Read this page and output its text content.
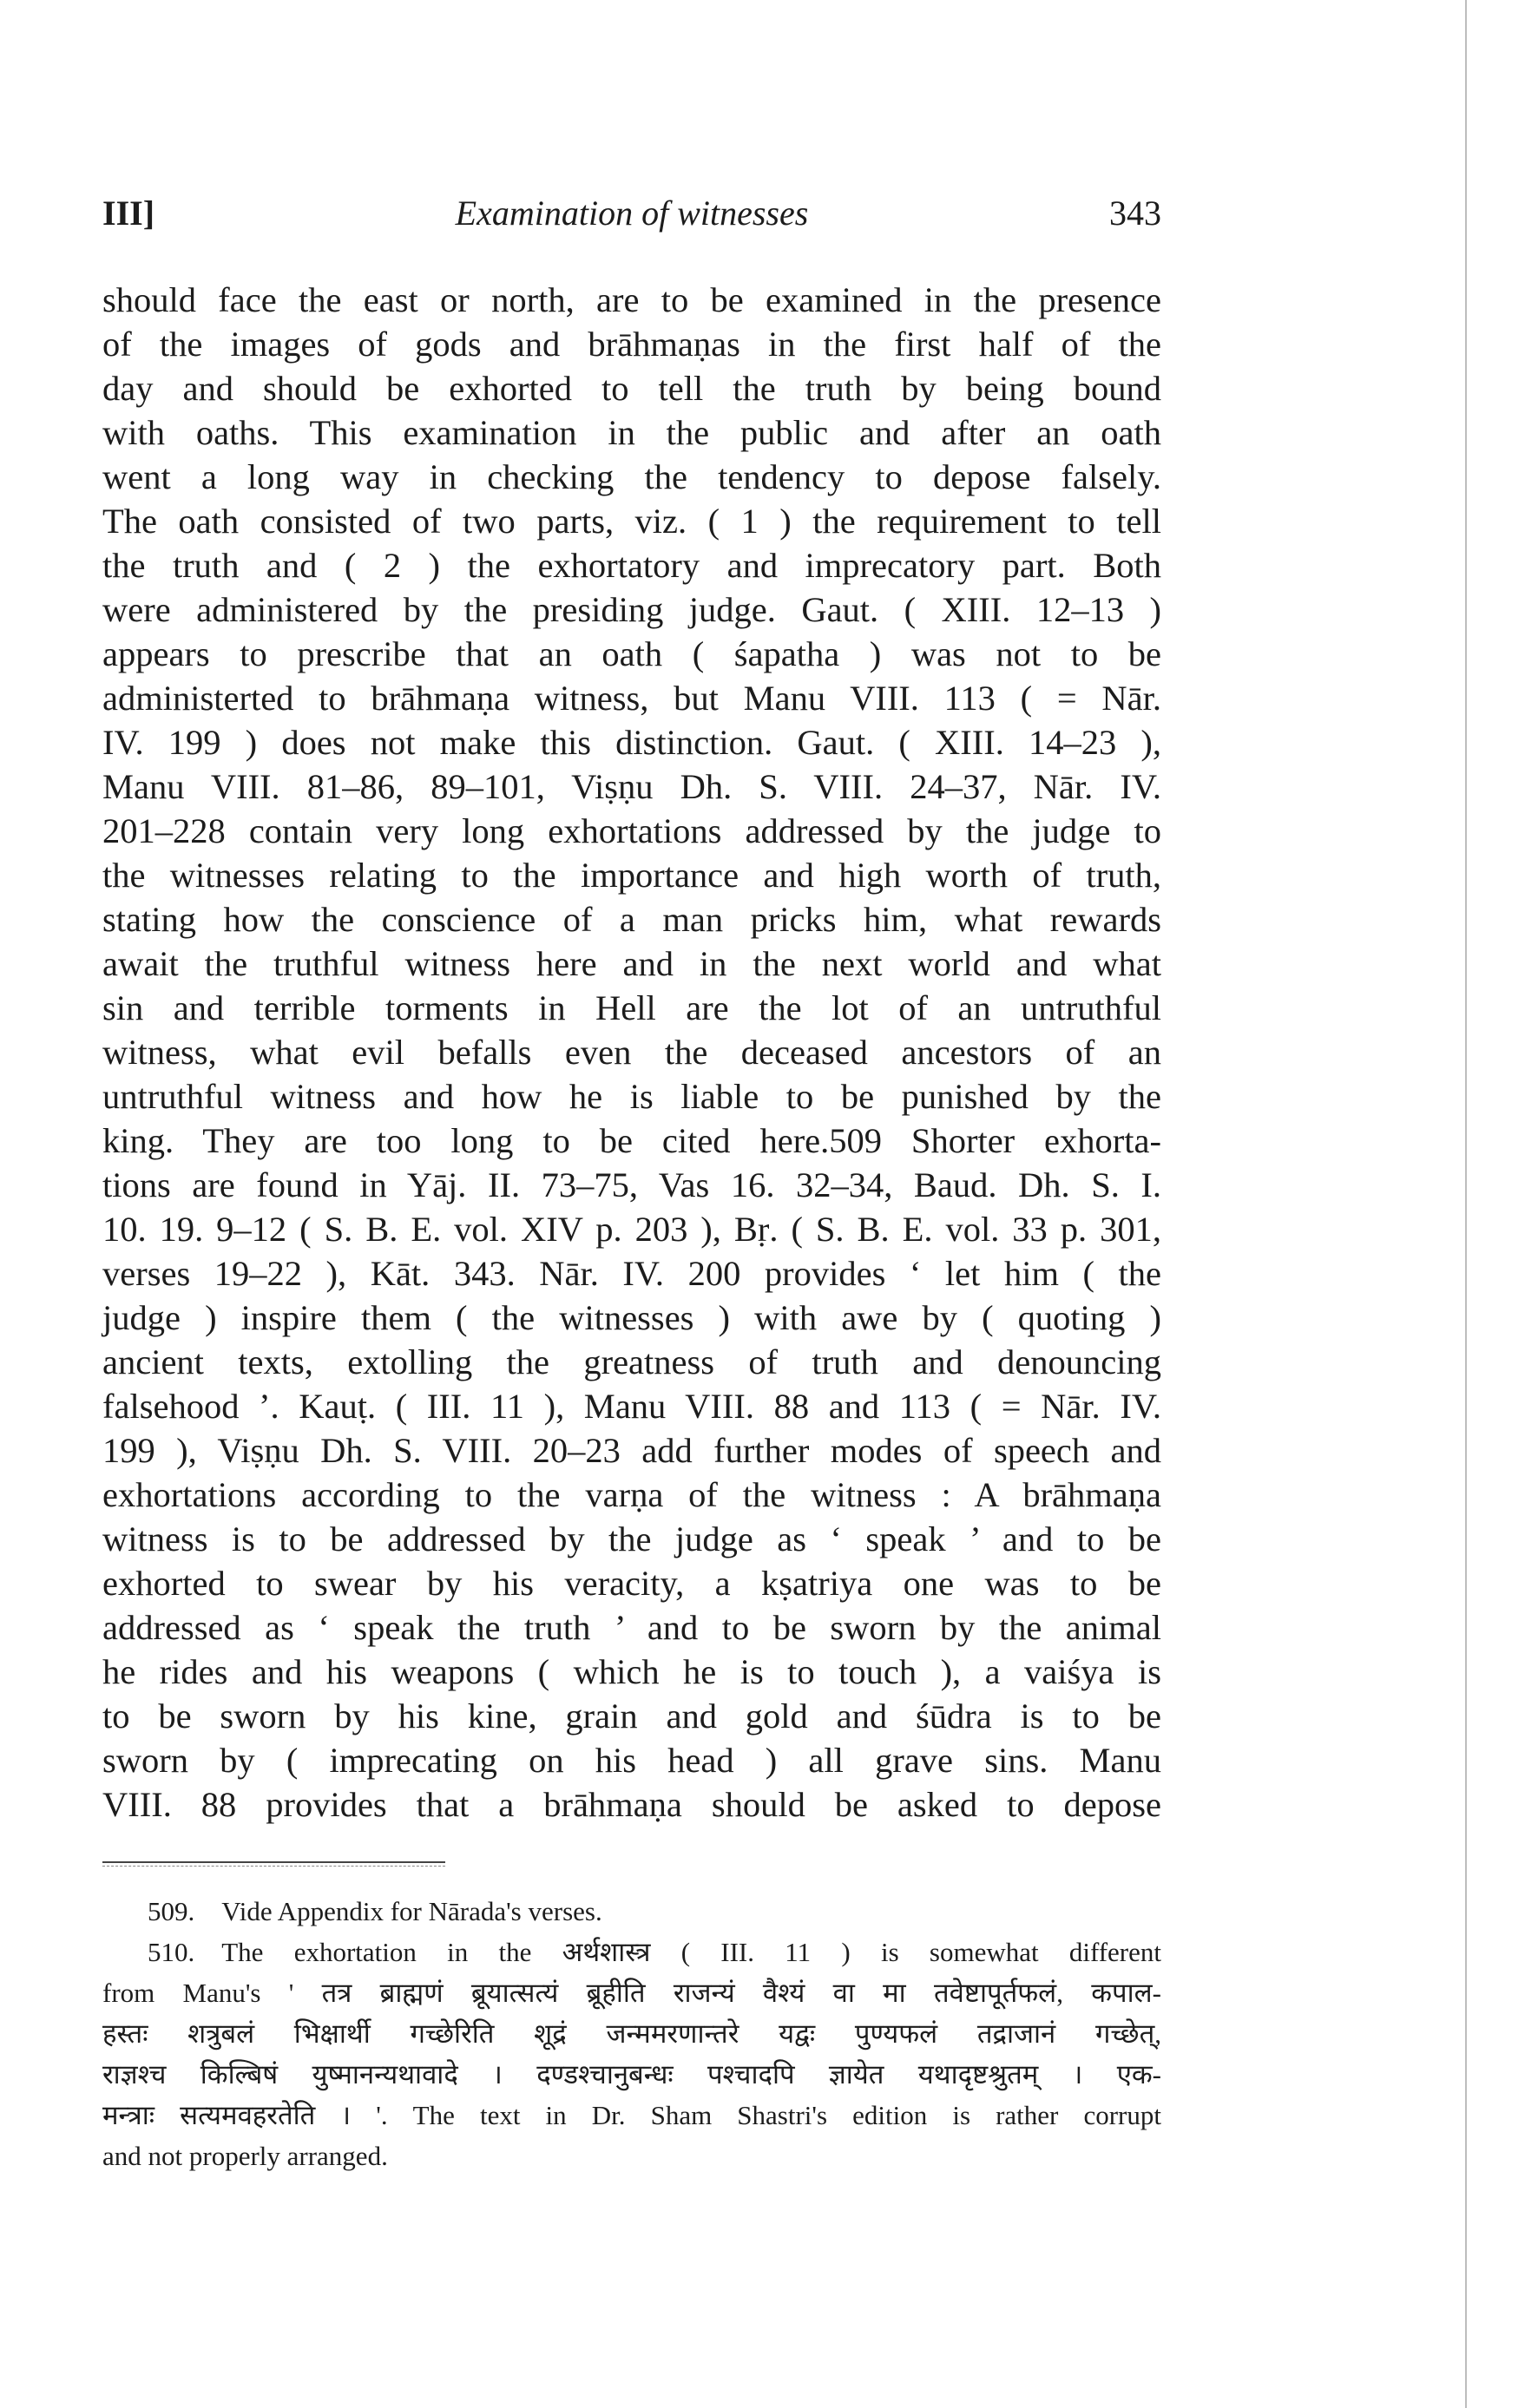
III]	Examination of witnesses	343
should face the east or north, are to be examined in the presence
of the images of gods and brāhmaṇas in the first half of the
day and should be exhorted to tell the truth by being bound
with oaths. This examination in the public and after an oath
went a long way in checking the tendency to depose falsely.
The oath consisted of two parts, viz. ( 1 ) the requirement to tell
the truth and ( 2 ) the exhortatory and imprecatory part. Both
were administered by the presiding judge. Gaut. ( XIII. 12–13 )
appears to prescribe that an oath ( śapatha ) was not to be
administerted to brāhmaṇa witness, but Manu VIII. 113 ( = Nār.
IV. 199 ) does not make this distinction. Gaut. ( XIII. 14–23 ),
Manu VIII. 81–86, 89–101, Viṣṇu Dh. S. VIII. 24–37, Nār. IV.
201–228 contain very long exhortations addressed by the judge to
the witnesses relating to the importance and high worth of truth,
stating how the conscience of a man pricks him, what rewards
await the truthful witness here and in the next world and what
sin and terrible torments in Hell are the lot of an untruthful
witness, what evil befalls even the deceased ancestors of an
untruthful witness and how he is liable to be punished by the
king. They are too long to be cited here.509 Shorter exhorta-
tions are found in Yāj. II. 73–75, Vas 16. 32–34, Baud. Dh. S. I.
10. 19. 9–12 ( S. B. E. vol. XIV p. 203 ), Bṛ. ( S. B. E. vol. 33 p. 301,
verses 19–22 ), Kāt. 343. Nār. IV. 200 provides ‘ let him ( the
judge ) inspire them ( the witnesses ) with awe by ( quoting )
ancient texts, extolling the greatness of truth and denouncing
falsehood ’. Kauṭ. ( III. 11 ), Manu VIII. 88 and 113 ( = Nār. IV.
199 ), Viṣṇu Dh. S. VIII. 20–23 add further modes of speech and
exhortations according to the varṇa of the witness : A brāhmaṇa
witness is to be addressed by the judge as ‘ speak ’ and to be
exhorted to swear by his veracity, a kṣatriya one was to be
addressed as ‘ speak the truth ’ and to be sworn by the animal
he rides and his weapons ( which he is to touch ), a vaiśya is
to be sworn by his kine, grain and gold and śūdra is to be
sworn by ( imprecating on his head ) all grave sins. Manu
VIII. 88 provides that a brāhmaṇa should be asked to depose
509.  Vide Appendix for Nārada's verses.
510.  The exhortation in the अर्थशास्त्र ( III. 11 ) is somewhat different
from Manu's ' तत्र ब्राह्मणं ब्रूयात्सत्यं ब्रूहीति राजन्यं वैश्यं वा मा तवेष्टापूर्तफलं, कपाल-
हस्तः शत्रुबलं भिक्षार्थी गच्छेरिति शूद्रं जन्ममरणान्तरे यद्वः पुण्यफलं तद्राजानं गच्छेत्,
राज्ञश्च किल्बिषं युष्मानन्यथावादे । दण्डश्चानुबन्धः पश्चादपि ज्ञायेत यथादृष्टश्रुतम् । एक-
मन्त्राः सत्यमवहरतेति । '. The text in Dr. Sham Shastri's edition is rather corrupt
and not properly arranged.
